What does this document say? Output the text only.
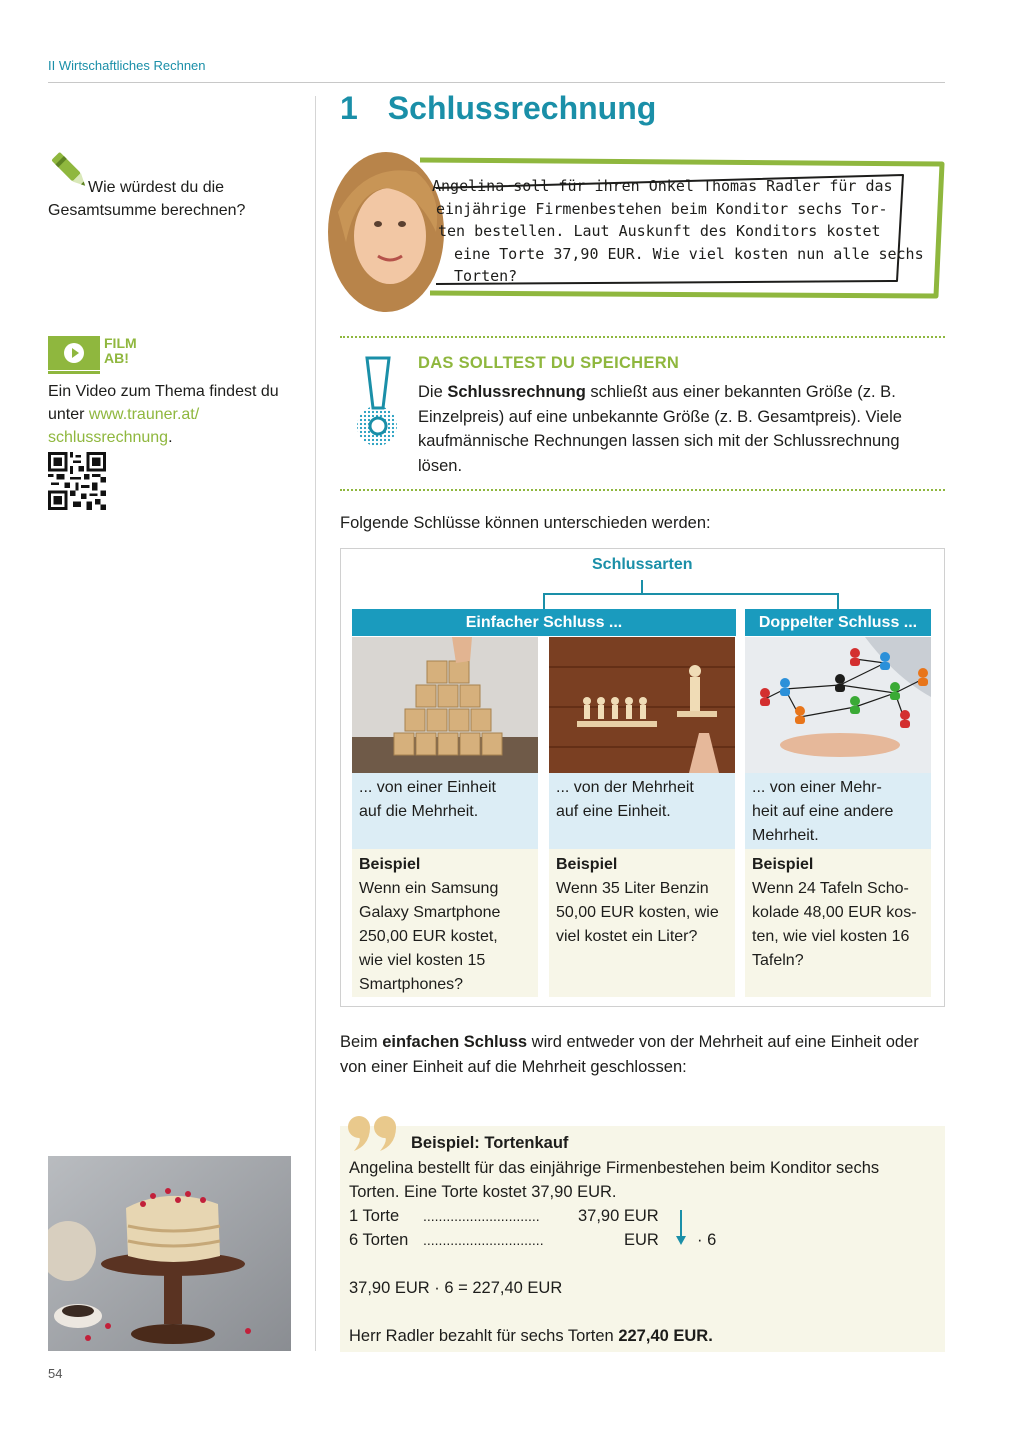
II Wirtschaftliches Rechnen
1 Schlussrechnung
Wie würdest du die
Gesamtsumme berechnen?
FILM
AB!
Ein Video zum Thema findest du
unter www.trauner.at/
schlussrechnung.
Angelina soll für ihren Onkel Thomas Radler für das
einjährige Firmenbestehen beim Konditor sechs Tor-
ten bestellen. Laut Auskunft des Konditors kostet
eine Torte 37,90 EUR. Wie viel kosten nun alle sechs
Torten?
DAS SOLLTEST DU SPEICHERN
Die Schlussrechnung schließt aus einer bekannten Größe (z. B. Einzelpreis) auf eine unbekannte Größe (z. B. Gesamtpreis). Viele kaufmännische Rechnungen lassen sich mit der Schlussrechnung lösen.
Folgende Schlüsse können unterschieden werden:
Schlussarten
Einfacher Schluss ...	Doppelter Schluss ...
... von einer Einheit
auf die Mehrheit.
Beispiel
Wenn ein Samsung
Galaxy Smartphone
250,00 EUR kostet,
wie viel kosten 15
Smartphones?
... von der Mehrheit
auf eine Einheit.
Beispiel
Wenn 35 Liter Benzin
50,00 EUR kosten, wie
viel kostet ein Liter?
... von einer Mehr-
heit auf eine andere
Mehrheit.
Beispiel
Wenn 24 Tafeln Scho-
kolade 48,00 EUR kos-
ten, wie viel kosten 16
Tafeln?
Beim einfachen Schluss wird entweder von der Mehrheit auf eine Einheit oder von einer Einheit auf die Mehrheit geschlossen:
Beispiel: Tortenkauf
Angelina bestellt für das einjährige Firmenbestehen beim Konditor sechs
Torten. Eine Torte kostet 37,90 EUR.
1 Torte .............................. 37,90 EUR
6 Torten ...............................	EUR · 6
37,90 EUR · 6 = 227,40 EUR
Herr Radler bezahlt für sechs Torten 227,40 EUR.
54
